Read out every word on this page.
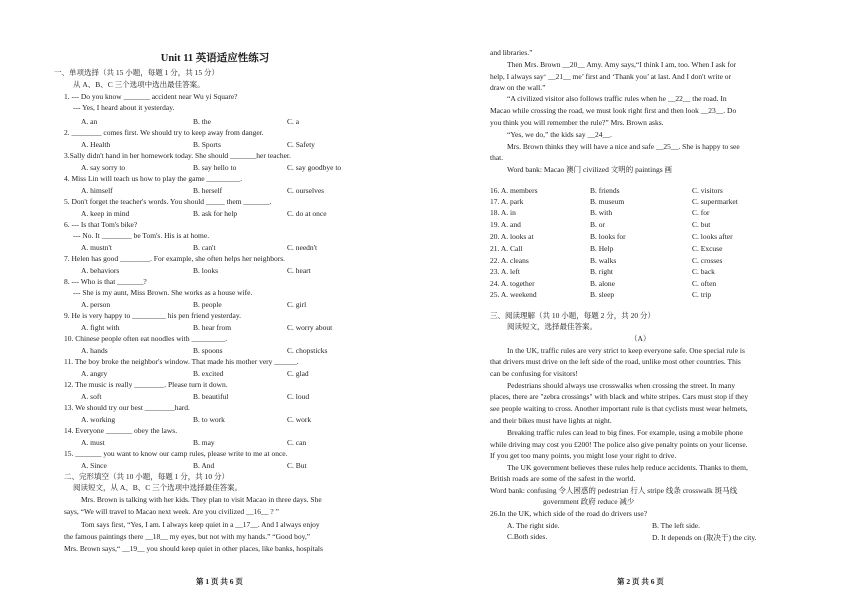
Unit 11 英语适应性练习
一、单项选择（共 15 小题，每题 1 分，共 15 分）
从 A、B、C 三个选项中选出最佳答案。
1. --- Do you know _______ accident near Wu yi Square?
--- Yes, I heard about it yesterday.
A. an	B. the	C. a
2. ________ comes first. We should try to keep away from danger.
A. Health	B. Sports	C. Safety
3.Sally didn't hand in her homework today. She should _______her teacher.
A. say sorry to	B. say hello to	C. say goodbye to
4. Miss Lin will teach us how to play the game _________.
A. himself	B. herself	C. ourselves
5. Don't forget the teacher's words. You should _____ them _______.
A. keep in mind	B. ask for help	C. do at once
6. --- Is that Tom's bike?
--- No. It ________ be Tom's. His is at home.
A. mustn't	B. can't	C. needn't
7. Helen has good ________. For example, she often helps her neighbors.
A. behaviors	B. looks	C. heart
8. --- Who is that _______?
--- She is my aunt, Miss Brown. She works as a house wife.
A. person	B. people	C. girl
9. He is very happy to _________ his pen friend yesterday.
A. fight with	B. hear from	C. worry about
10. Chinese people often eat noodles with _________.
A. hands	B. spoons	C. chopsticks
11. The boy broke the neighbor's window. That made his mother very ______.
A. angry	B. excited	C. glad
12. The music is really ________. Please turn it down.
A. soft	B. beautiful	C. loud
13. We should try our best ________hard.
A. working	B. to work	C. work
14. Everyone _______ obey the laws.
A. must	B. may	C. can
15. _______ you want to know our camp rules, please write to me at once.
A. Since	B. And	C. But
二、完形填空（共 10 小题，每题 1 分，共 10 分）
阅读短文，从 A、B、C 三个选项中选择最佳答案。
Mrs. Brown is talking with her kids. They plan to visit Macao in three days. She
says, “We will travel to Macao next week. Are you civilized __16__ ? ”
Tom says first, “Yes, I am. I always keep quiet in a __17__. And I always enjoy
the famous paintings there __18__ my eyes, but not with my hands.” “Good boy,”
Mrs. Brown says,“ __19__ you should keep quiet in other places, like banks, hospitals
第 1 页 共 6 页
and libraries.”
Then Mrs. Brown __20__ Amy. Amy says,“I think I am, too. When I ask for
help, I always say‘ __21__ me’ first and ‘Thank you’ at last. And I don't write or
draw on the wall.”
“A civilized visitor also follows traffic rules when he __22__ the road. In
Macao while crossing the road, we must look right first and then look __23__. Do
you think you will remember the rule?” Mrs. Brown asks.
“Yes, we do,” the kids say __24__.
Mrs. Brown thinks they will have a nice and safe __25__. She is happy to see
that.
Word bank: Macao 澳门 civilized 文明的 paintings 画
16. A. members	B. friends	C. visitors
17. A. park	B. museum	C. supermarket
18. A. in	B. with	C. for
19. A. and	B. or	C. but
20. A. looks at	B. looks for	C. looks after
21. A. Call	B. Help	C. Excuse
22. A. cleans	B. walks	C. crosses
23. A. left	B. right	C. back
24. A. together	B. alone	C. often
25. A. weekend	B. sleep	C. trip
三、阅读理解（共 10 小题，每题 2 分，共 20 分）
阅读短文，选择最佳答案。
（A）
In the UK, traffic rules are very strict to keep everyone safe. One special rule is
that drivers must drive on the left side of the road, unlike most other countries. This
can be confusing for visitors!
Pedestrians should always use crosswalks when crossing the street. In many
places, there are "zebra crossings" with black and white stripes. Cars must stop if they
see people waiting to cross. Another important rule is that cyclists must wear helmets,
and their bikes must have lights at night.
Breaking traffic rules can lead to big fines. For example, using a mobile phone
while driving may cost you £200! The police also give penalty points on your license.
If you get too many points, you might lose your right to drive.
The UK government believes these rules help reduce accidents. Thanks to them,
British roads are some of the safest in the world.
Word bank: confusing 令人困惑的 pedestrian 行人 stripe 线条 crosswalk 斑马线
government 政府 reduce 减少
26.In the UK, which side of the road do drivers use?
A. The right side.	B. The left side.
C.Both sides.	D. It depends on (取决于) the city.
第 2 页 共 6 页
